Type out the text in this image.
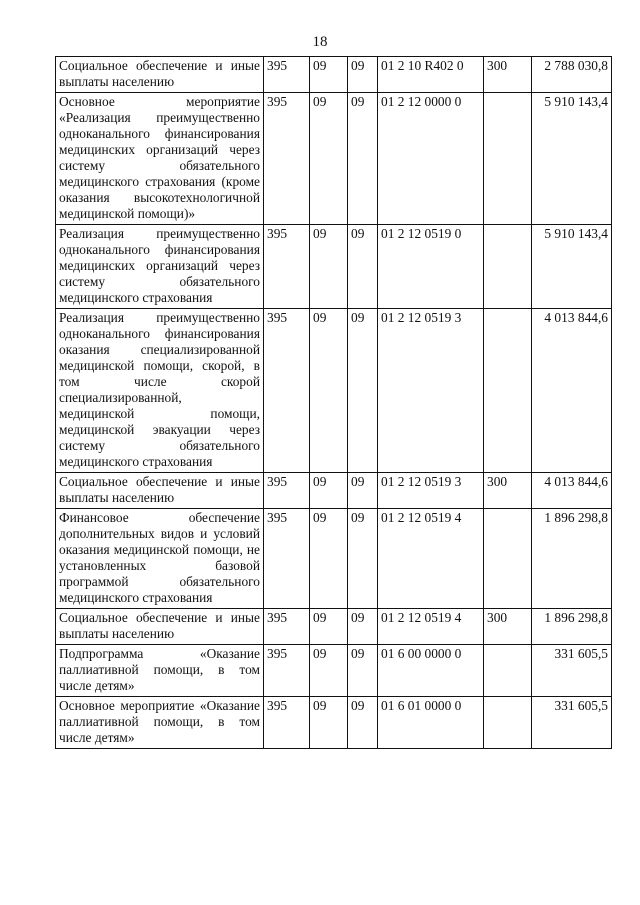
18
Социальное обеспечение и иные выплаты населению	395	09	09	01 2 10 R402 0	300	2 788 030,8
Основное мероприятие «Реализация преимущественно одноканального финансирования медицинских организаций через систему обязательного медицинского страхования (кроме оказания высокотехнологичной медицинской помощи)»	395	09	09	01 2 12 0000 0		5 910 143,4
Реализация преимущественно одноканального финансирования медицинских организаций через систему обязательного медицинского страхования	395	09	09	01 2 12 0519 0		5 910 143,4
Реализация преимущественно одноканального финансирования оказания специализированной медицинской помощи, скорой, в том числе скорой специализированной, медицинской помощи, медицинской эвакуации через систему обязательного медицинского страхования	395	09	09	01 2 12 0519 3		4 013 844,6
Социальное обеспечение и иные выплаты населению	395	09	09	01 2 12 0519 3	300	4 013 844,6
Финансовое обеспечение дополнительных видов и условий оказания медицинской помощи, не установленных базовой программой обязательного медицинского страхования	395	09	09	01 2 12 0519 4		1 896 298,8
Социальное обеспечение и иные выплаты населению	395	09	09	01 2 12 0519 4	300	1 896 298,8
Подпрограмма «Оказание паллиативной помощи, в том числе детям»	395	09	09	01 6 00 0000 0		331 605,5
Основное мероприятие «Оказание паллиативной помощи, в том числе детям»	395	09	09	01 6 01 0000 0		331 605,5
